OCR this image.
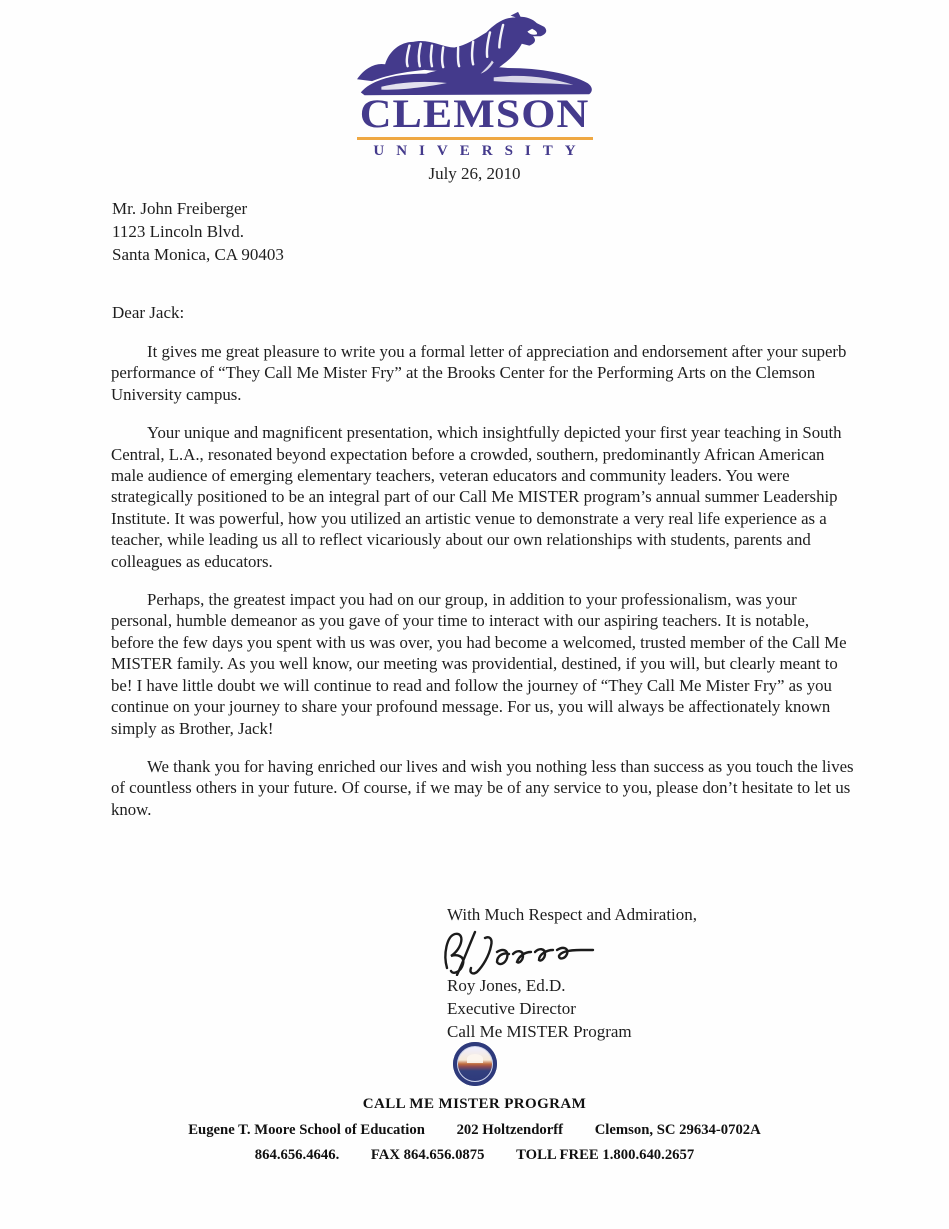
CLEMSON
UNIVERSITY
July 26, 2010
Mr. John Freiberger
1123 Lincoln Blvd.
Santa Monica, CA 90403
Dear Jack:

It gives me great pleasure to write you a formal letter of appreciation and endorsement after your superb performance of “They Call Me Mister Fry” at the Brooks Center for the Performing Arts on the Clemson University campus.

Your unique and magnificent presentation, which insightfully depicted your first year teaching in South Central, L.A., resonated beyond expectation before a crowded, southern, predominantly African American male audience of emerging elementary teachers, veteran educators and community leaders. You were strategically positioned to be an integral part of our Call Me MISTER program’s annual summer Leadership Institute. It was powerful, how you utilized an artistic venue to demonstrate a very real life experience as a teacher, while leading us all to reflect vicariously about our own relationships with students, parents and colleagues as educators.

Perhaps, the greatest impact you had on our group, in addition to your professionalism, was your personal, humble demeanor as you gave of your time to interact with our aspiring teachers. It is notable, before the few days you spent with us was over, you had become a welcomed, trusted member of the Call Me MISTER family. As you well know, our meeting was providential, destined, if you will, but clearly meant to be! I have little doubt we will continue to read and follow the journey of “They Call Me Mister Fry” as you continue on your journey to share your profound message. For us, you will always be affectionately known simply as Brother, Jack!

We thank you for having enriched our lives and wish you nothing less than success as you touch the lives of countless others in your future. Of course, if we may be of any service to you, please don’t hesitate to let us know.

With Much Respect and Admiration,
Roy Jones, Ed.D.
Executive Director
Call Me MISTER Program
CALL ME MISTER PROGRAM
Eugene T. Moore School of Education 202 Holtzendorff Clemson, SC 29634-0702A
864.656.4646. FAX 864.656.0875 TOLL FREE 1.800.640.2657
